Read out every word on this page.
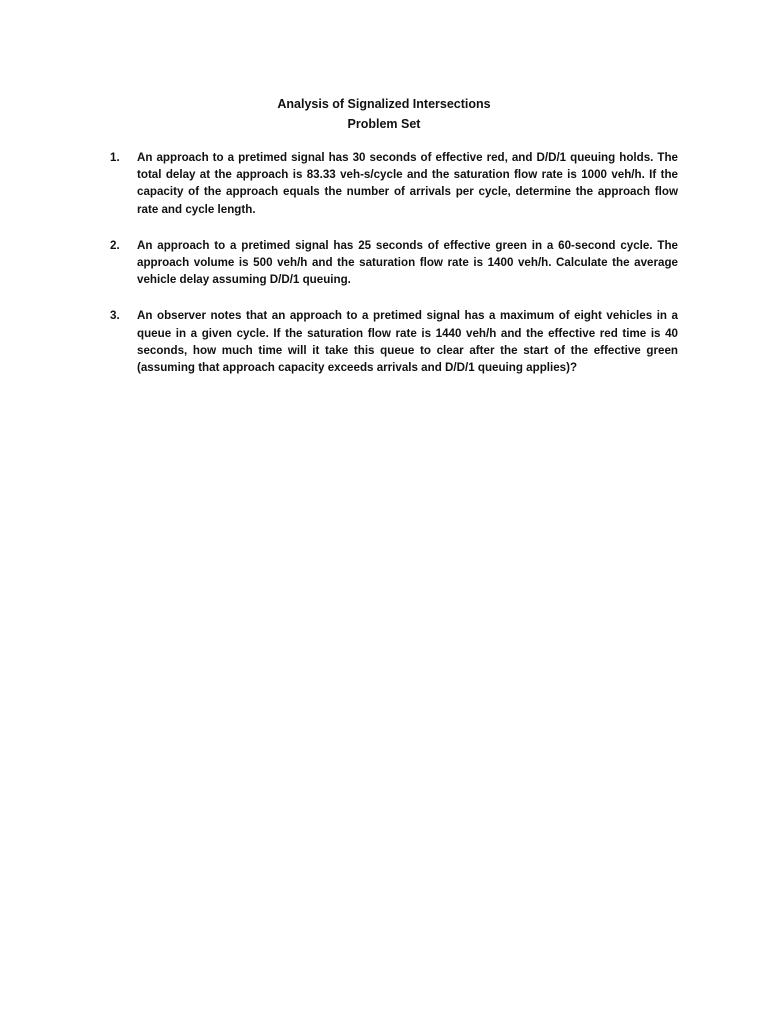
Analysis of Signalized Intersections
Problem Set
1.	An approach to a pretimed signal has 30 seconds of effective red, and D/D/1 queuing holds. The total delay at the approach is 83.33 veh-s/cycle and the saturation flow rate is 1000 veh/h. If the capacity of the approach equals the number of arrivals per cycle, determine the approach flow rate and cycle length.
2.	An approach to a pretimed signal has 25 seconds of effective green in a 60-second cycle. The approach volume is 500 veh/h and the saturation flow rate is 1400 veh/h. Calculate the average vehicle delay assuming D/D/1 queuing.
3.	An observer notes that an approach to a pretimed signal has a maximum of eight vehicles in a queue in a given cycle. If the saturation flow rate is 1440 veh/h and the effective red time is 40 seconds, how much time will it take this queue to clear after the start of the effective green (assuming that approach capacity exceeds arrivals and D/D/1 queuing applies)?
